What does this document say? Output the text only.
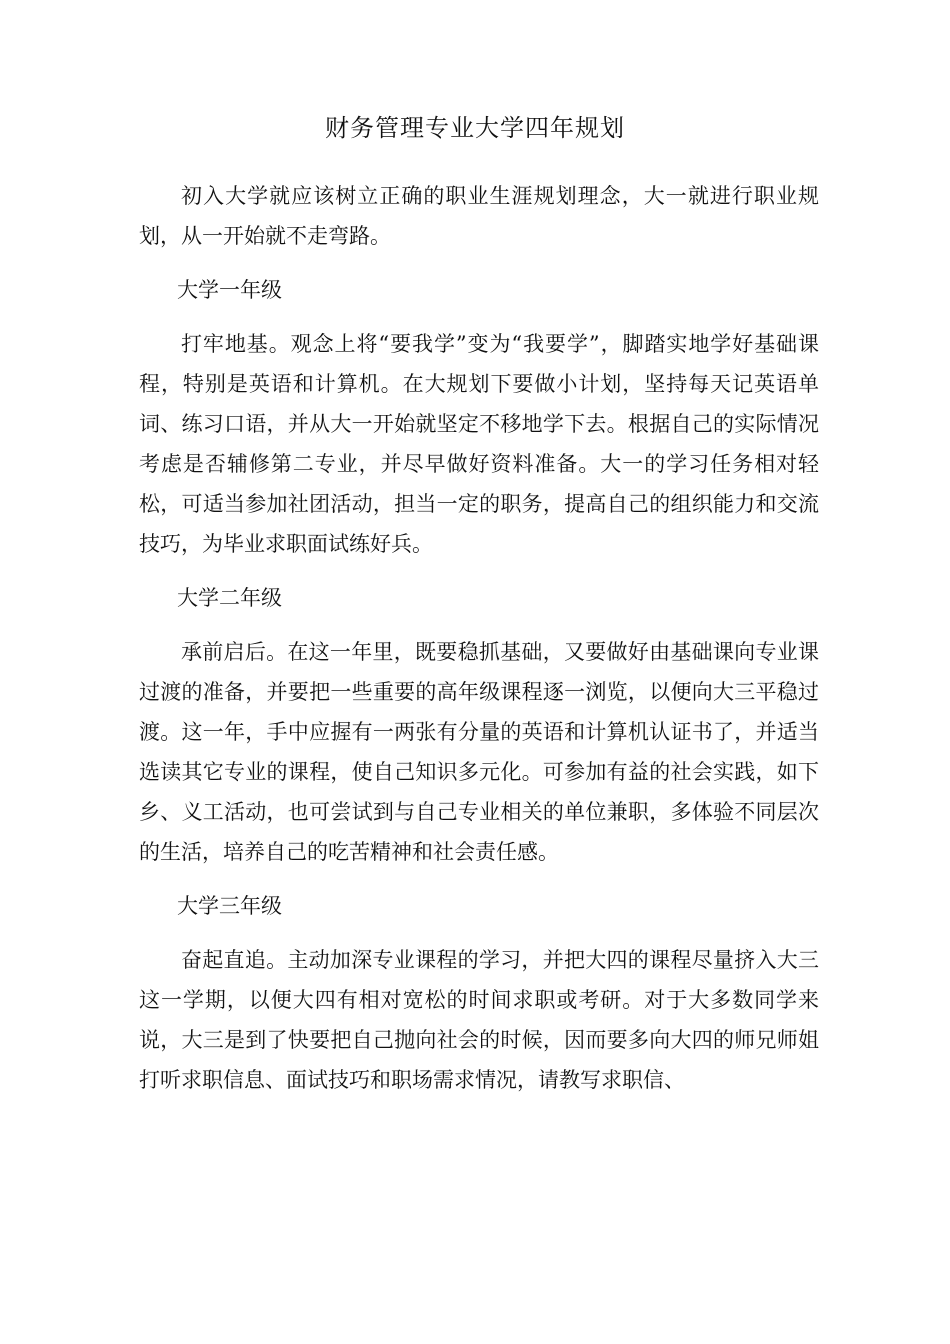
财务管理专业大学四年规划

初入大学就应该树立正确的职业生涯规划理念，大一就进行职业规划，从一开始就不走弯路。

大学一年级

打牢地基。观念上将“要我学”变为“我要学”，脚踏实地学好基础课程，特别是英语和计算机。在大规划下要做小计划，坚持每天记英语单词、练习口语，并从大一开始就坚定不移地学下去。根据自己的实际情况考虑是否辅修第二专业，并尽早做好资料准备。大一的学习任务相对轻松，可适当参加社团活动，担当一定的职务，提高自己的组织能力和交流技巧，为毕业求职面试练好兵。

大学二年级

承前启后。在这一年里，既要稳抓基础，又要做好由基础课向专业课过渡的准备，并要把一些重要的高年级课程逐一浏览，以便向大三平稳过渡。这一年，手中应握有一两张有分量的英语和计算机认证书了，并适当选读其它专业的课程，使自己知识多元化。可参加有益的社会实践，如下乡、义工活动，也可尝试到与自己专业相关的单位兼职，多体验不同层次的生活，培养自己的吃苦精神和社会责任感。

大学三年级

奋起直追。主动加深专业课程的学习，并把大四的课程尽量挤入大三这一学期，以便大四有相对宽松的时间求职或考研。对于大多数同学来说，大三是到了快要把自己抛向社会的时候，因而要多向大四的师兄师姐打听求职信息、面试技巧和职场需求情况，请教写求职信、
